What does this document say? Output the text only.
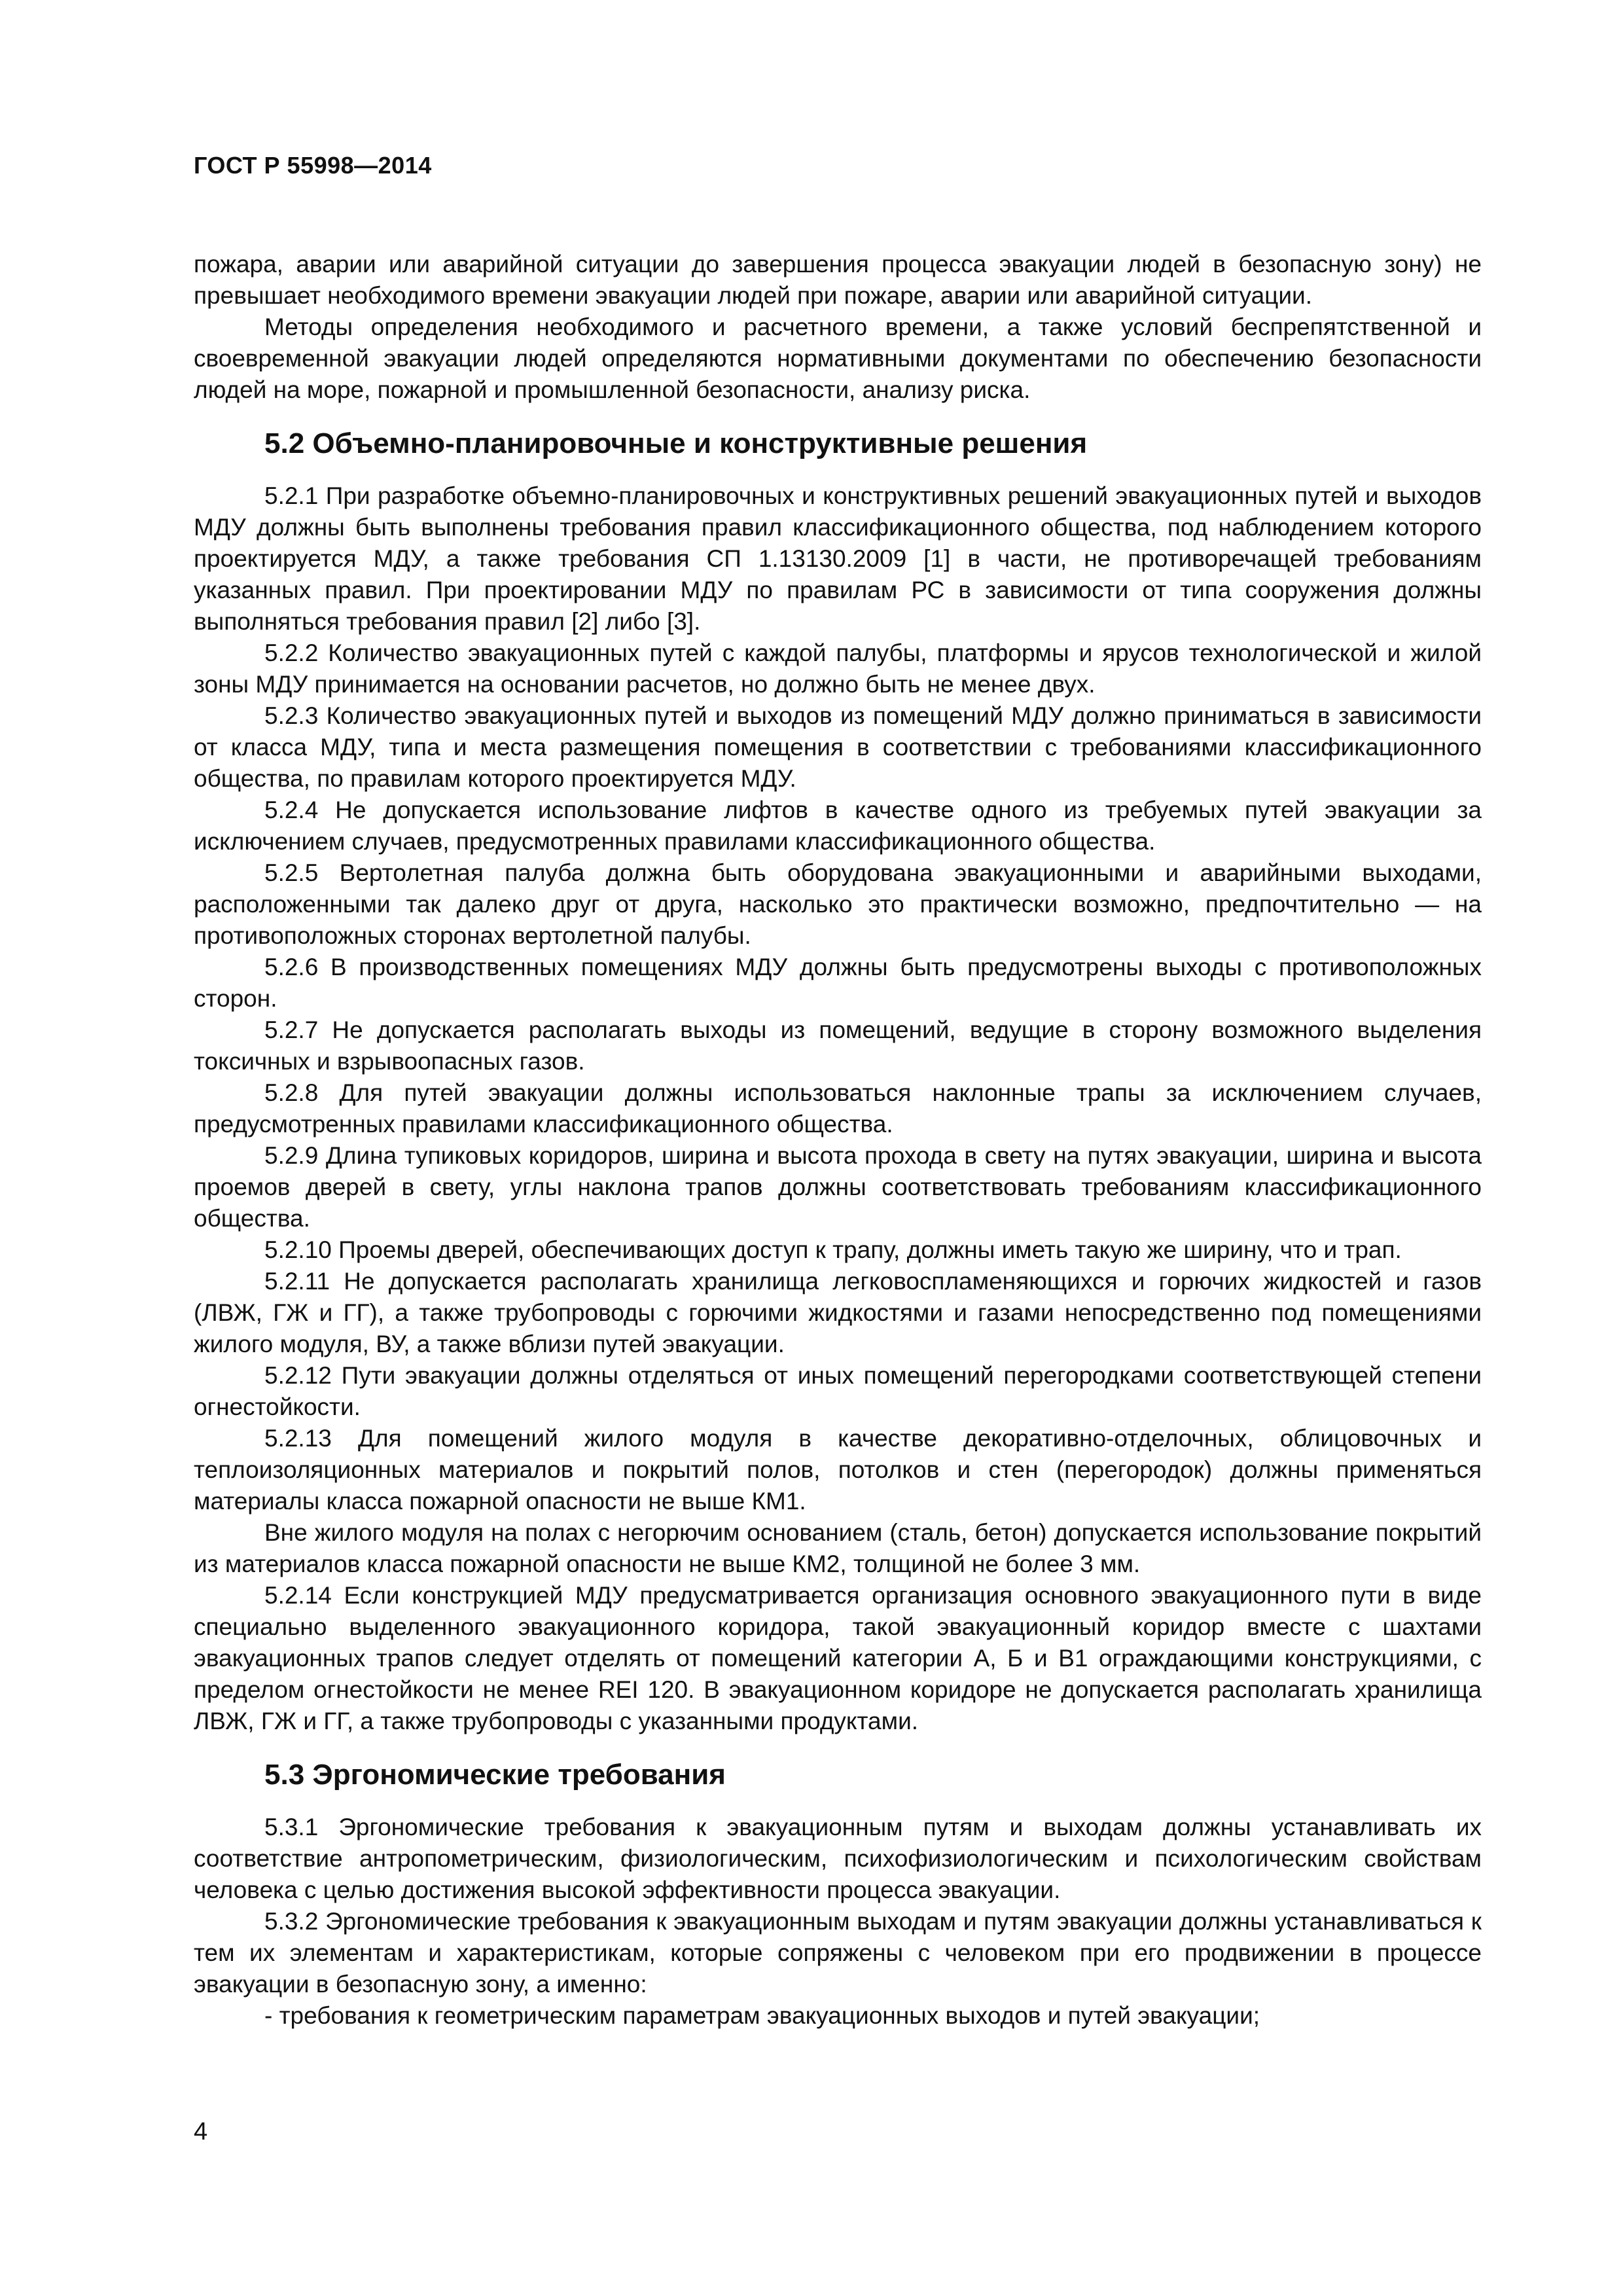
ГОСТ Р 55998—2014

пожара, аварии или аварийной ситуации до завершения процесса эвакуации людей в безопасную зону) не превышает необходимого времени эвакуации людей при пожаре, аварии или аварийной ситуации.

Методы определения необходимого и расчетного времени, а также условий беспрепятственной и своевременной эвакуации людей определяются нормативными документами по обеспечению безопасности людей на море, пожарной и промышленной безопасности, анализу риска.

5.2 Объемно-планировочные и конструктивные решения

5.2.1 При разработке объемно-планировочных и конструктивных решений эвакуационных путей и выходов МДУ должны быть выполнены требования правил классификационного общества, под наблюдением которого проектируется МДУ, а также требования СП 1.13130.2009 [1] в части, не противоречащей требованиям указанных правил. При проектировании МДУ по правилам РС в зависимости от типа сооружения должны выполняться требования правил [2] либо [3].

5.2.2 Количество эвакуационных путей с каждой палубы, платформы и ярусов технологической и жилой зоны МДУ принимается на основании расчетов, но должно быть не менее двух.

5.2.3 Количество эвакуационных путей и выходов из помещений МДУ должно приниматься в зависимости от класса МДУ, типа и места размещения помещения в соответствии с требованиями классификационного общества, по правилам которого проектируется МДУ.

5.2.4 Не допускается использование лифтов в качестве одного из требуемых путей эвакуации за исключением случаев, предусмотренных правилами классификационного общества.

5.2.5 Вертолетная палуба должна быть оборудована эвакуационными и аварийными выходами, расположенными так далеко друг от друга, насколько это практически возможно, предпочтительно — на противоположных сторонах вертолетной палубы.

5.2.6 В производственных помещениях МДУ должны быть предусмотрены выходы с противоположных сторон.

5.2.7 Не допускается располагать выходы из помещений, ведущие в сторону возможного выделения токсичных и взрывоопасных газов.

5.2.8 Для путей эвакуации должны использоваться наклонные трапы за исключением случаев, предусмотренных правилами классификационного общества.

5.2.9 Длина тупиковых коридоров, ширина и высота прохода в свету на путях эвакуации, ширина и высота проемов дверей в свету, углы наклона трапов должны соответствовать требованиям классификационного общества.

5.2.10 Проемы дверей, обеспечивающих доступ к трапу, должны иметь такую же ширину, что и трап.

5.2.11 Не допускается располагать хранилища легковоспламеняющихся и горючих жидкостей и газов (ЛВЖ, ГЖ и ГГ), а также трубопроводы с горючими жидкостями и газами непосредственно под помещениями жилого модуля, ВУ, а также вблизи путей эвакуации.

5.2.12 Пути эвакуации должны отделяться от иных помещений перегородками соответствующей степени огнестойкости.

5.2.13 Для помещений жилого модуля в качестве декоративно-отделочных, облицовочных и теплоизоляционных материалов и покрытий полов, потолков и стен (перегородок) должны применяться материалы класса пожарной опасности не выше КМ1.

Вне жилого модуля на полах с негорючим основанием (сталь, бетон) допускается использование покрытий из материалов класса пожарной опасности не выше КМ2, толщиной не более 3 мм.

5.2.14 Если конструкцией МДУ предусматривается организация основного эвакуационного пути в виде специально выделенного эвакуационного коридора, такой эвакуационный коридор вместе с шахтами эвакуационных трапов следует отделять от помещений категории А, Б и В1 ограждающими конструкциями, с пределом огнестойкости не менее REI 120. В эвакуационном коридоре не допускается располагать хранилища ЛВЖ, ГЖ и ГГ, а также трубопроводы с указанными продуктами.

5.3 Эргономические требования

5.3.1 Эргономические требования к эвакуационным путям и выходам должны устанавливать их соответствие антропометрическим, физиологическим, психофизиологическим и психологическим свойствам человека с целью достижения высокой эффективности процесса эвакуации.

5.3.2 Эргономические требования к эвакуационным выходам и путям эвакуации должны устанавливаться к тем их элементам и характеристикам, которые сопряжены с человеком при его продвижении в процессе эвакуации в безопасную зону, а именно:

- требования к геометрическим параметрам эвакуационных выходов и путей эвакуации;

4
